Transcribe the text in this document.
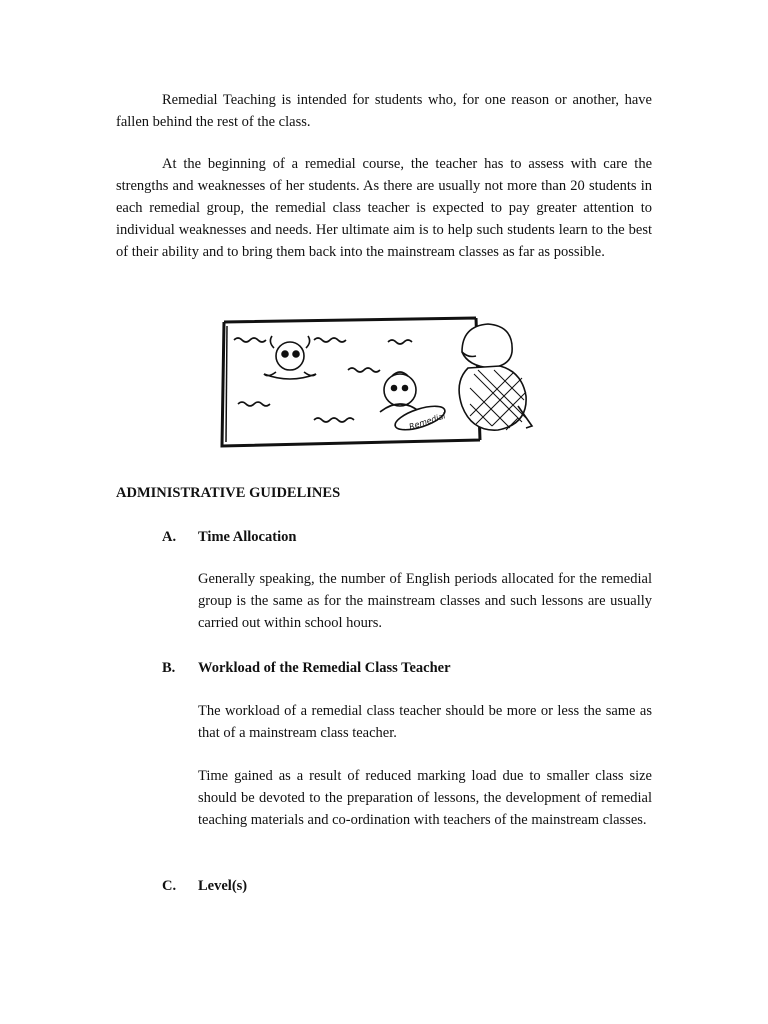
Remedial Teaching is intended for students who, for one reason or another, have fallen behind the rest of the class.

At the beginning of a remedial course, the teacher has to assess with care the strengths and weaknesses of her students. As there are usually not more than 20 students in each remedial group, the remedial class teacher is expected to pay greater attention to individual weaknesses and needs. Her ultimate aim is to help such students learn to the best of their ability and to bring them back into the mainstream classes as far as possible.

Remedial
ADMINISTRATIVE GUIDELINES
A. Time Allocation

Generally speaking, the number of English periods allocated for the remedial group is the same as for the mainstream classes and such lessons are usually carried out within school hours.

B. Workload of the Remedial Class Teacher

The workload of a remedial class teacher should be more or less the same as that of a mainstream class teacher.

Time gained as a result of reduced marking load due to smaller class size should be devoted to the preparation of lessons, the development of remedial teaching materials and co-ordination with teachers of the mainstream classes.

C. Level(s)
